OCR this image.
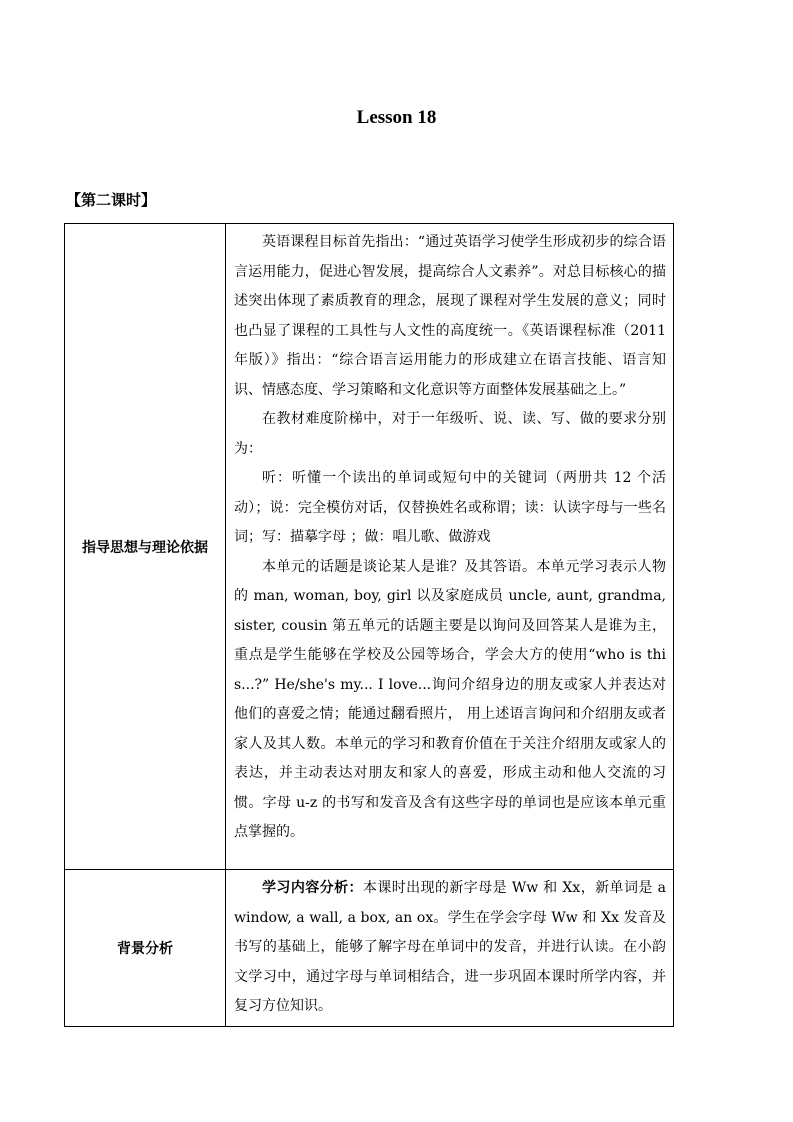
Lesson 18
【第二课时】
指导思想与理论依据	英语课程目标首先指出：“通过英语学习使学生形成初步的综合语言运用能力，促进心智发展，提高综合人文素养”。对总目标核心的描述突出体现了素质教育的理念，展现了课程对学生发展的意义；同时也凸显了课程的工具性与人文性的高度统一。《英语课程标准（2011年版）》指出：“综合语言运用能力的形成建立在语言技能、语言知识、情感态度、学习策略和文化意识等方面整体发展基础之上。”

在教材难度阶梯中，对于一年级听、说、读、写、做的要求分别为：

听：听懂一个读出的单词或短句中的关键词（两册共 12 个活动）；说：完全模仿对话，仅替换姓名或称谓；读：认读字母与一些名词；写：描摹字母 ；做：唱儿歌、做游戏

本单元的话题是谈论某人是谁？及其答语。本单元学习表示人物的 man, woman, boy, girl 以及家庭成员 uncle, aunt, grandma, sister, cousin 第五单元的话题主要是以询问及回答某人是谁为主， 重点是学生能够在学校及公园等场合，学会大方的使用“who is this...?” He/she's my... I love...询问介绍身边的朋友或家人并表达对他们的喜爱之情；能通过翻看照片， 用上述语言询问和介绍朋友或者家人及其人数。本单元的学习和教育价值在于关注介绍朋友或家人的表达，并主动表达对朋友和家人的喜爱，形成主动和他人交流的习惯。字母 u-z 的书写和发音及含有这些字母的单词也是应该本单元重点掌握的。

背景分析	学习内容分析：本课时出现的新字母是 Ww 和 Xx，新单词是 a window, a wall, a box, an ox。学生在学会字母 Ww 和 Xx 发音及书写的基础上，能够了解字母在单词中的发音，并进行认读。在小韵文学习中，通过字母与单词相结合，进一步巩固本课时所学内容，并复习方位知识。
